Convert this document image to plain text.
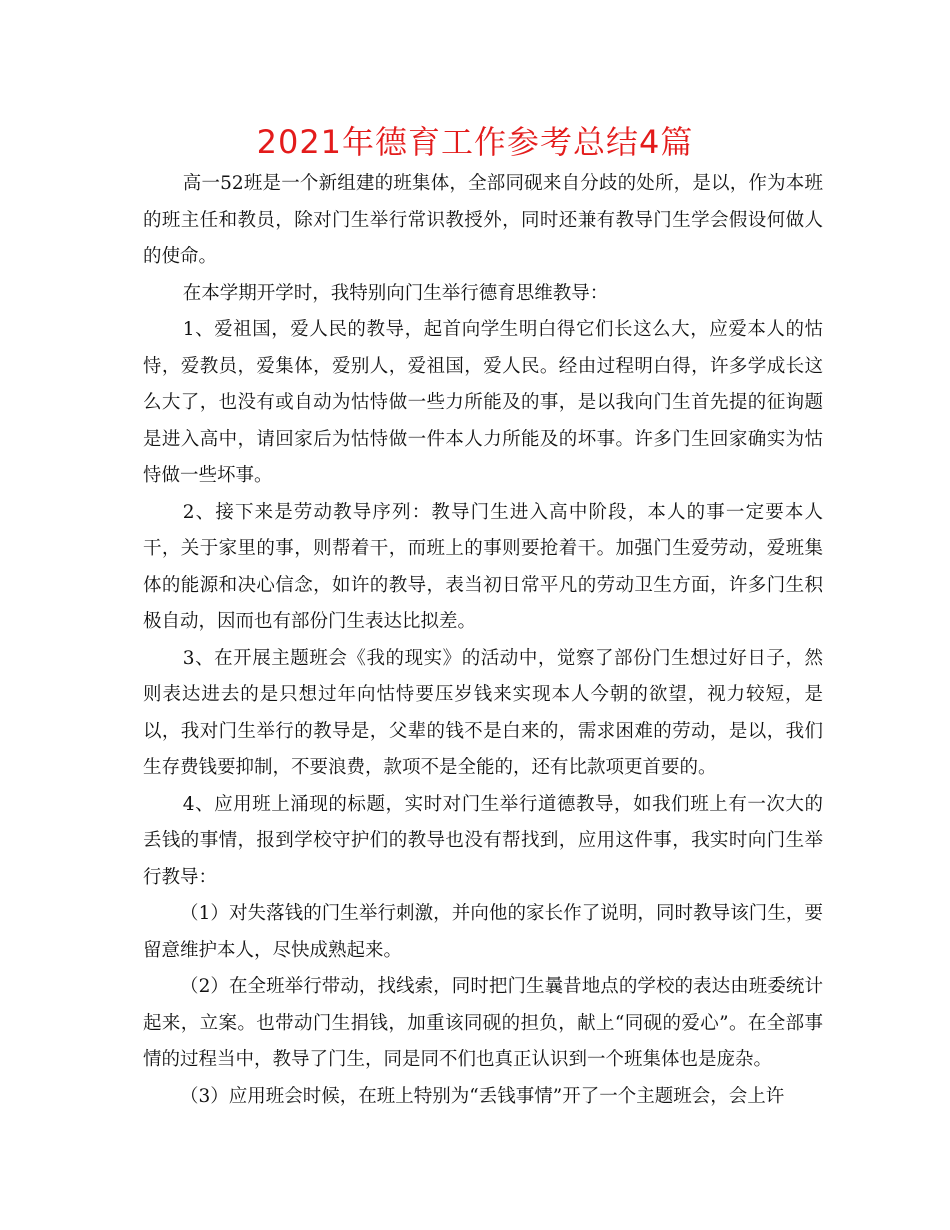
2021年德育工作参考总结4篇

高一52班是一个新组建的班集体，全部同砚来自分歧的处所，是以，作为本班的班主任和教员，除对门生举行常识教授外，同时还兼有教导门生学会假设何做人的使命。

在本学期开学时，我特别向门生举行德育思维教导：

1、爱祖国，爱人民的教导，起首向学生明白得它们长这么大，应爱本人的怙恃，爱教员，爱集体，爱别人，爱祖国，爱人民。经由过程明白得，许多学成长这么大了，也没有或自动为怙恃做一些力所能及的事，是以我向门生首先提的征询题是进入高中，请回家后为怙恃做一件本人力所能及的坏事。许多门生回家确实为怙恃做一些坏事。

2、接下来是劳动教导序列：教导门生进入高中阶段，本人的事一定要本人干，关于家里的事，则帮着干，而班上的事则要抢着干。加强门生爱劳动，爱班集体的能源和决心信念，如许的教导，表当初日常平凡的劳动卫生方面，许多门生积极自动，因而也有部份门生表达比拟差。

3、在开展主题班会《我的现实》的活动中，觉察了部份门生想过好日子，然则表达进去的是只想过年向怙恃要压岁钱来实现本人今朝的欲望，视力较短，是以，我对门生举行的教导是，父辈的钱不是白来的，需求困难的劳动，是以，我们生存费钱要抑制，不要浪费，款项不是全能的，还有比款项更首要的。

4、应用班上涌现的标题，实时对门生举行道德教导，如我们班上有一次大的丢钱的事情，报到学校守护们的教导也没有帮找到，应用这件事，我实时向门生举行教导：

（1）对失落钱的门生举行刺激，并向他的家长作了说明，同时教导该门生，要留意维护本人，尽快成熟起来。

（2）在全班举行带动，找线索，同时把门生曩昔地点的学校的表达由班委统计起来，立案。也带动门生捐钱，加重该同砚的担负，献上“同砚的爱心”。在全部事情的过程当中，教导了门生，同是同不们也真正认识到一个班集体也是庞杂。

（3）应用班会时候，在班上特别为“丢钱事情”开了一个主题班会，会上许
